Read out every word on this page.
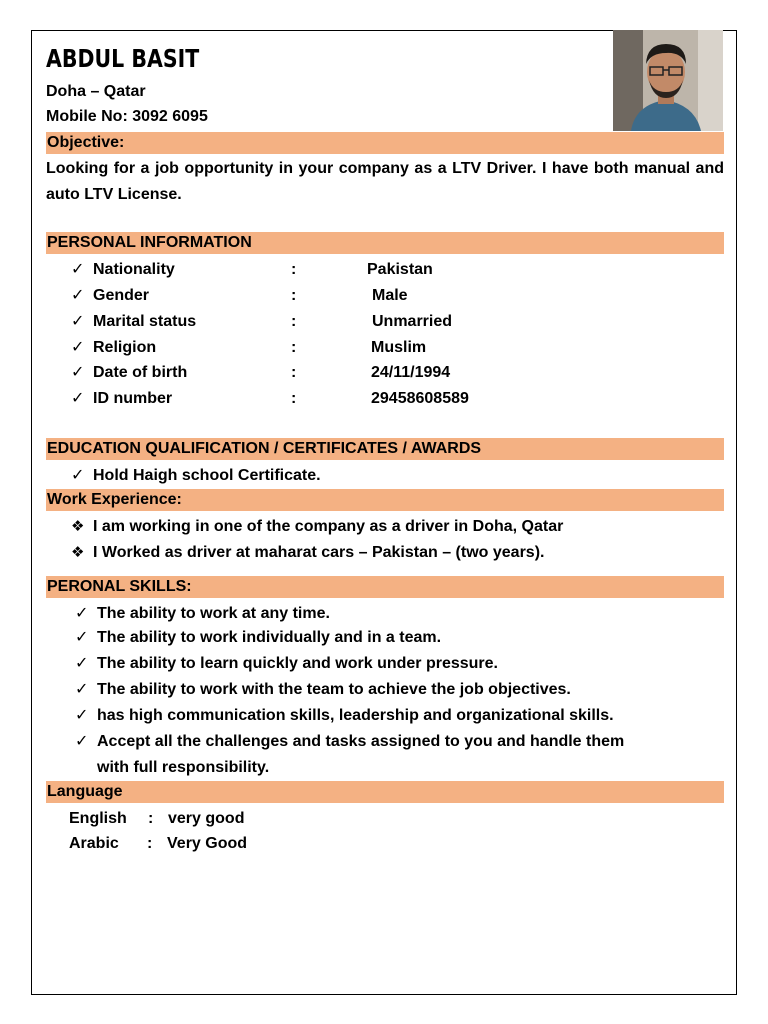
ABDUL BASIT
Doha – Qatar
Mobile No: 3092 6095
Objective:
Looking for a job opportunity in your company as a LTV Driver. I have both manual and auto LTV License.
PERSONAL INFORMATION
✓ Nationality	:	Pakistan
✓ Gender	:	Male
✓ Marital status	:	Unmarried
✓ Religion	:	Muslim
✓ Date of birth	:	24/11/1994
✓ ID number	:	29458608589
EDUCATION QUALIFICATION / CERTIFICATES / AWARDS
✓ Hold Haigh school Certificate.
Work Experience:
❖ I am working in one of the company as a driver in Doha, Qatar
❖ I Worked as driver at maharat cars – Pakistan – (two years).
PERONAL SKILLS:
✓ The ability to work at any time.
✓ The ability to work individually and in a team.
✓ The ability to learn quickly and work under pressure.
✓ The ability to work with the team to achieve the job objectives.
✓ has high communication skills, leadership and organizational skills.
✓ Accept all the challenges and tasks assigned to you and handle them
with full responsibility.
Language
English : very good
Arabic : Very Good
